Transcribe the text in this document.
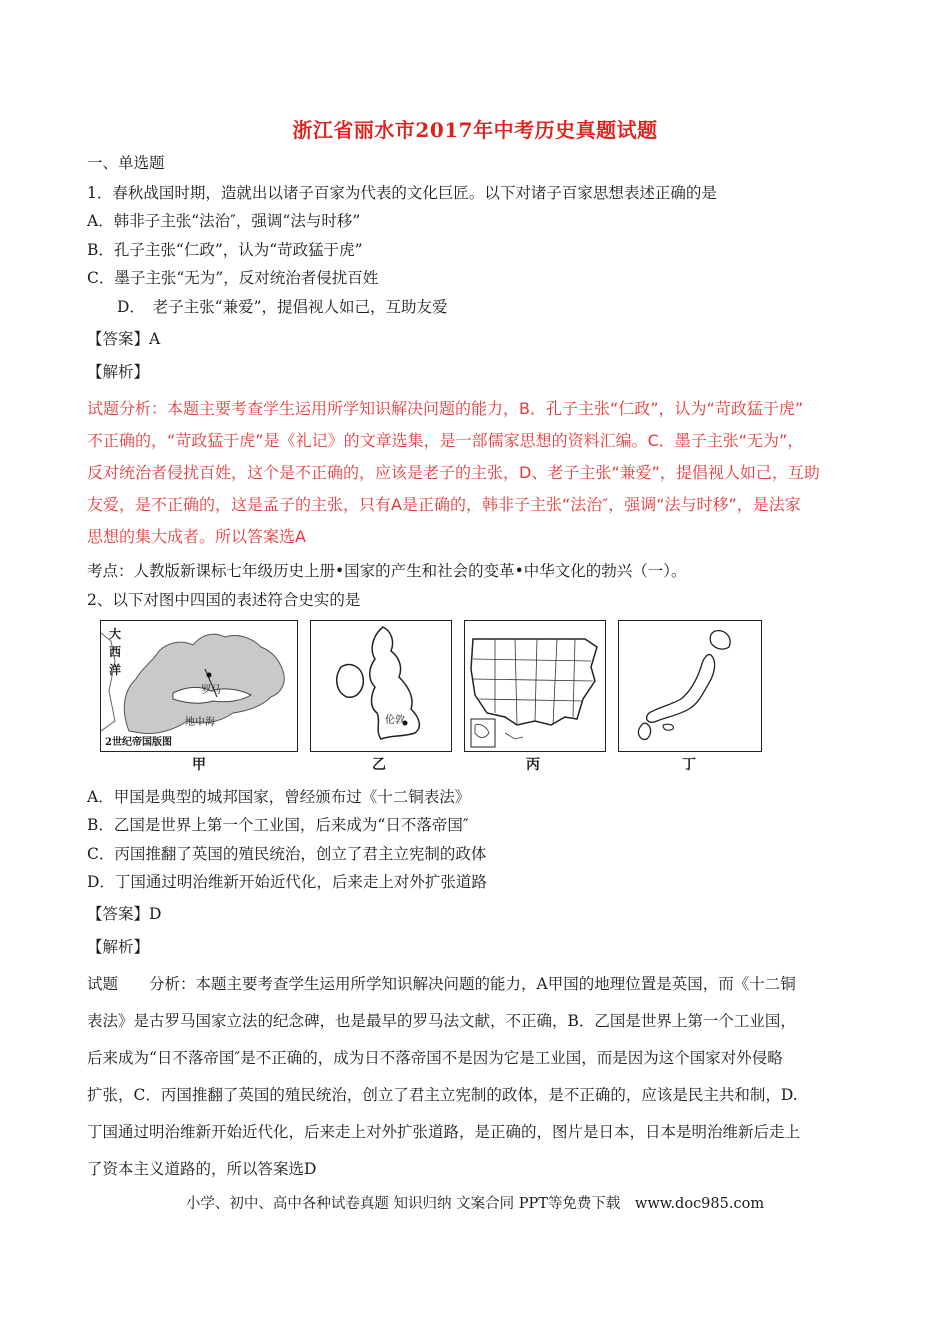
浙江省丽水市2017年中考历史真题试题
一、单选题
1．春秋战国时期，造就出以诸子百家为代表的文化巨匠。以下对诸子百家思想表述正确的是
A．韩非子主张“法治″，强调“法与时移”
B．孔子主张“仁政”，认为“苛政猛于虎”
C．墨子主张“无为”，反对统治者侵扰百姓
D．　老子主张“兼爱”，提倡视人如己，互助友爱
【答案】A
【解析】
试题分析：本题主要考查学生运用所学知识解决问题的能力，B．孔子主张“仁政”，认为“苛政猛于虎”
不正确的，“苛政猛于虎”是《礼记》的文章选集，是一部儒家思想的资料汇编。C．墨子主张“无为”，
反对统治者侵扰百姓，这个是不正确的，应该是老子的主张，D、老子主张“兼爱”，提倡视人如己，互助
友爱，是不正确的，这是孟子的主张，只有A是正确的，韩非子主张“法治″，强调“法与时移”，是法家
思想的集大成者。所以答案选A
考点：人教版新课标七年级历史上册•国家的产生和社会的变革•中华文化的勃兴（一）。
2、以下对图中四国的表述符合史实的是
大
西
洋
罗马
地中海
2世纪帝国版图
伦敦
甲	乙	丙	丁
A．甲国是典型的城邦国家，曾经颁布过《十二铜表法》
B．乙国是世界上第一个工业国，后来成为“日不落帝国″
C．丙国推翻了英国的殖民统治，创立了君主立宪制的政体
D．丁国通过明治维新开始近代化，后来走上对外扩张道路
【答案】D
【解析】
试题　　分析：本题主要考查学生运用所学知识解决问题的能力，A甲国的地理位置是英国，而《十二铜
表法》是古罗马国家立法的纪念碑，也是最早的罗马法文献，不正确，B．乙国是世界上第一个工业国，
后来成为“日不落帝国″是不正确的，成为日不落帝国不是因为它是工业国，而是因为这个国家对外侵略
扩张，C．丙国推翻了英国的殖民统治，创立了君主立宪制的政体，是不正确的，应该是民主共和制，D.
丁国通过明治维新开始近代化，后来走上对外扩张道路，是正确的，图片是日本，日本是明治维新后走上
了资本主义道路的，所以答案选D
小学、初中、高中各种试卷真题 知识归纳 文案合同 PPT等免费下载　www.doc985.com
